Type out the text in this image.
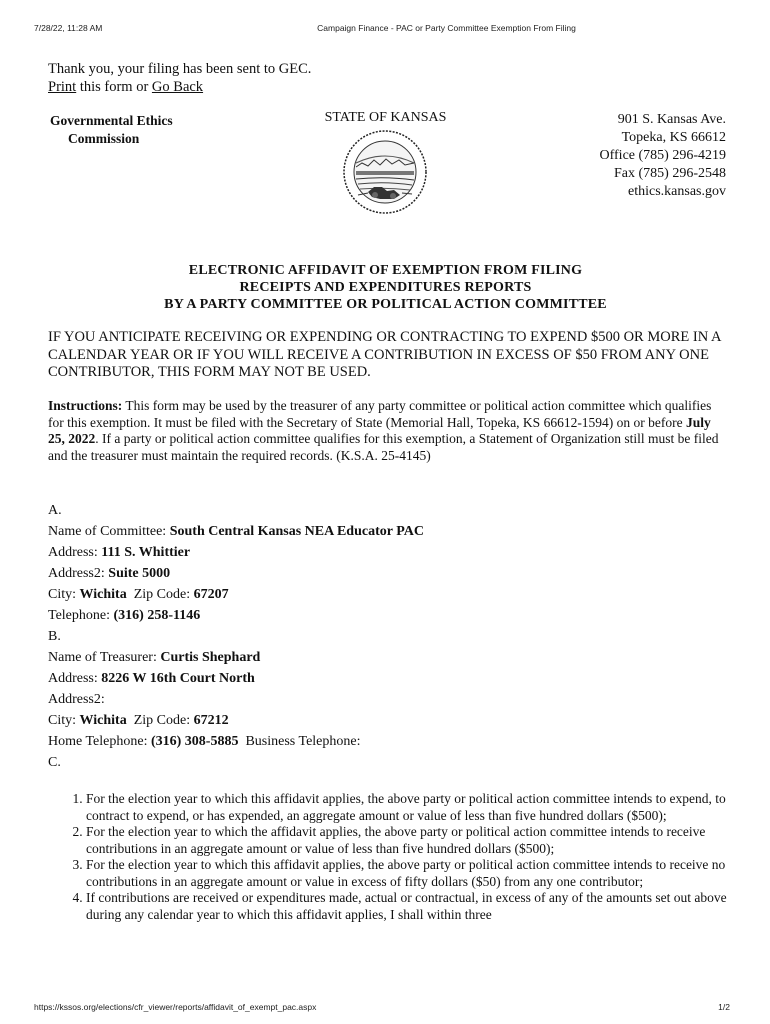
7/28/22, 11:28 AM	Campaign Finance - PAC or Party Committee Exemption From Filing
Thank you, your filing has been sent to GEC.
Print this form or Go Back
Governmental Ethics
Commission
STATE OF KANSAS	901 S. Kansas Ave.
Topeka, KS 66612
Office (785) 296-4219
Fax (785) 296-2548
ethics.kansas.gov
ELECTRONIC AFFIDAVIT OF EXEMPTION FROM FILING
RECEIPTS AND EXPENDITURES REPORTS
BY A PARTY COMMITTEE OR POLITICAL ACTION COMMITTEE
IF YOU ANTICIPATE RECEIVING OR EXPENDING OR CONTRACTING TO EXPEND $500 OR MORE IN A CALENDAR YEAR OR IF YOU WILL RECEIVE A CONTRIBUTION IN EXCESS OF $50 FROM ANY ONE CONTRIBUTOR, THIS FORM MAY NOT BE USED.
Instructions: This form may be used by the treasurer of any party committee or political action committee which qualifies for this exemption. It must be filed with the Secretary of State (Memorial Hall, Topeka, KS 66612-1594) on or before July 25, 2022. If a party or political action committee qualifies for this exemption, a Statement of Organization still must be filed and the treasurer must maintain the required records. (K.S.A. 25-4145)
A.
Name of Committee: South Central Kansas NEA Educator PAC
Address: 111 S. Whittier
Address2: Suite 5000
City: Wichita Zip Code: 67207
Telephone: (316) 258-1146
B.
Name of Treasurer: Curtis Shephard
Address: 8226 W 16th Court North
Address2:
City: Wichita Zip Code: 67212
Home Telephone: (316) 308-5885 Business Telephone:
C.
1. For the election year to which this affidavit applies, the above party or political action committee intends to expend, to contract to expend, or has expended, an aggregate amount or value of less than five hundred dollars ($500);
2. For the election year to which the affidavit applies, the above party or political action committee intends to receive contributions in an aggregate amount or value of less than five hundred dollars ($500);
3. For the election year to which this affidavit applies, the above party or political action committee intends to receive no contributions in an aggregate amount or value in excess of fifty dollars ($50) from any one contributor;
4. If contributions are received or expenditures made, actual or contractual, in excess of any of the amounts set out above during any calendar year to which this affidavit applies, I shall within three
https://kssos.org/elections/cfr_viewer/reports/affidavit_of_exempt_pac.aspx	1/2
